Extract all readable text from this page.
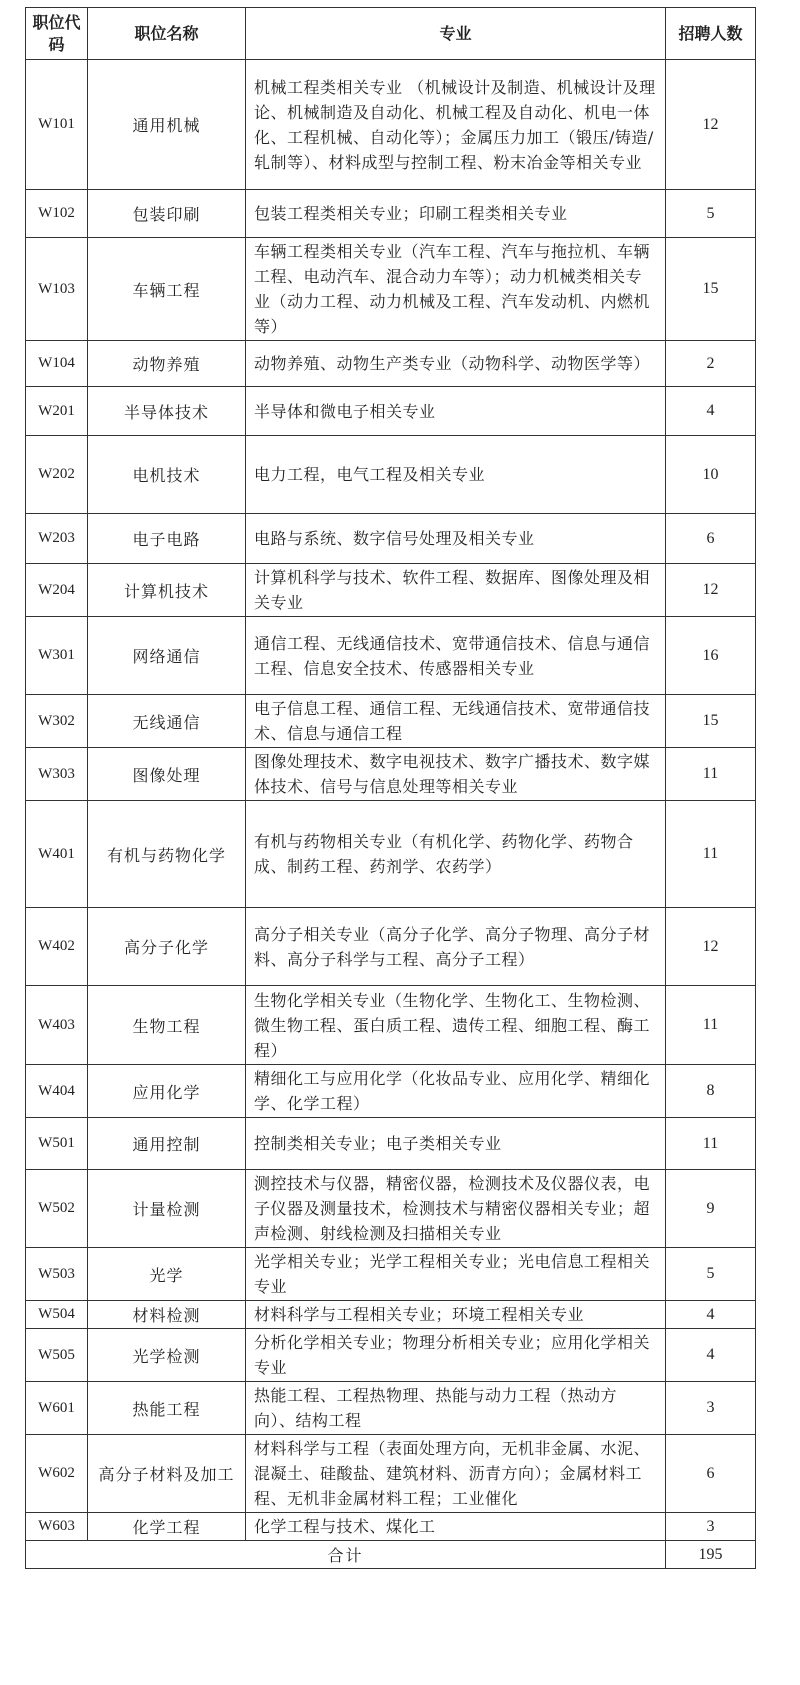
职位代码	职位名称	专业	招聘人数
W101	通用机械	机械工程类相关专业 （机械设计及制造、机械设计及理论、机械制造及自动化、机械工程及自动化、机电一体化、工程机械、自动化等）；金属压力加工（锻压/铸造/轧制等）、材料成型与控制工程、粉末冶金等相关专业	12
W102	包装印刷	包装工程类相关专业；印刷工程类相关专业	5
W103	车辆工程	车辆工程类相关专业（汽车工程、汽车与拖拉机、车辆工程、电动汽车、混合动力车等）；动力机械类相关专业（动力工程、动力机械及工程、汽车发动机、内燃机等）	15
W104	动物养殖	动物养殖、动物生产类专业（动物科学、动物医学等）	2
W201	半导体技术	半导体和微电子相关专业	4
W202	电机技术	电力工程，电气工程及相关专业	10
W203	电子电路	电路与系统、数字信号处理及相关专业	6
W204	计算机技术	计算机科学与技术、软件工程、数据库、图像处理及相关专业	12
W301	网络通信	通信工程、无线通信技术、宽带通信技术、信息与通信工程、信息安全技术、传感器相关专业	16
W302	无线通信	电子信息工程、通信工程、无线通信技术、宽带通信技术、信息与通信工程	15
W303	图像处理	图像处理技术、数字电视技术、数字广播技术、数字媒体技术、信号与信息处理等相关专业	11
W401	有机与药物化学	有机与药物相关专业（有机化学、药物化学、药物合成、制药工程、药剂学、农药学）	11
W402	高分子化学	高分子相关专业（高分子化学、高分子物理、高分子材料、高分子科学与工程、高分子工程）	12
W403	生物工程	生物化学相关专业（生物化学、生物化工、生物检测、微生物工程、蛋白质工程、遗传工程、细胞工程、酶工程）	11
W404	应用化学	精细化工与应用化学（化妆品专业、应用化学、精细化学、化学工程）	8
W501	通用控制	控制类相关专业；电子类相关专业	11
W502	计量检测	测控技术与仪器，精密仪器，检测技术及仪器仪表，电子仪器及测量技术，检测技术与精密仪器相关专业；超声检测、射线检测及扫描相关专业	9
W503	光学	光学相关专业；光学工程相关专业；光电信息工程相关专业	5
W504	材料检测	材料科学与工程相关专业；环境工程相关专业	4
W505	光学检测	分析化学相关专业；物理分析相关专业；应用化学相关专业	4
W601	热能工程	热能工程、工程热物理、热能与动力工程（热动方向）、结构工程	3
W602	高分子材料及加工	材料科学与工程（表面处理方向，无机非金属、水泥、混凝土、硅酸盐、建筑材料、沥青方向）；金属材料工程、无机非金属材料工程；工业催化	6
W603	化学工程	化学工程与技术、煤化工	3
合计			195
